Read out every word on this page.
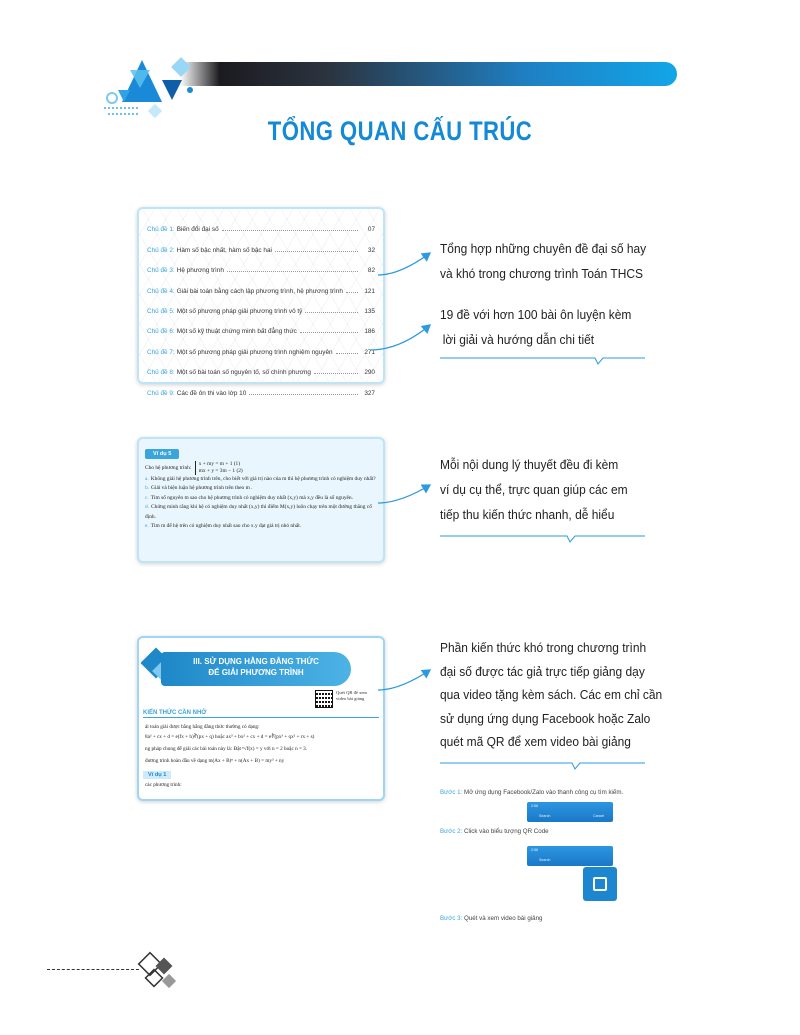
TỔNG QUAN CẤU TRÚC
Chủ đề 1: Biến đổi đại số	07
Chủ đề 2: Hàm số bậc nhất, hàm số bậc hai	32
Chủ đề 3: Hệ phương trình	82
Chủ đề 4: Giải bài toán bằng cách lập phương trình, hệ phương trình	121
Chủ đề 5: Một số phương pháp giải phương trình vô tỷ	135
Chủ đề 6: Một số kỹ thuật chứng minh bất đẳng thức	186
Chủ đề 7: Một số phương pháp giải phương trình nghiệm nguyên	271
Chủ đề 8: Một số bài toán số nguyên tố, số chính phương	290
Chủ đề 9: Các đề ôn thi vào lớp 10	327
Ví dụ 5
Cho hệ phương trình: x + my = m + 1 (1)
mx + y = 3m − 1 (2)
a. Không giải hệ phương trình trên, cho biết với giá trị nào của m thì hệ phương trình có nghiệm duy nhất?
b. Giải và biện luận hệ phương trình trên theo m .
c. Tìm số nguyên m sao cho hệ phương trình có nghiệm duy nhất (x,y) mà x,y đều là số nguyên.
d. Chứng minh rằng khi hệ có nghiệm duy nhất (x,y) thì điểm M(x,y) luôn chạy trên một đường thẳng cố định.
e. Tìm m để hệ trên có nghiệm duy nhất sao cho x.y đạt giá trị nhỏ nhất.
III. SỬ DỤNG HẰNG ĐẲNG THỨC
ĐỂ GIẢI PHƯƠNG TRÌNH
Quét QR để xem video bài giảng
KIẾN THỨC CẦN NHỚ
ải toán giải được bằng hằng đẳng thức thường có dạng:
8a³ + cx + d = e(fx + h)∛(px + q) hoặc ax³ + bx² + cx + d = e∛(px³ + qx² + rx + s)
ng pháp chung để giải các bài toán này là: Đặt ⁿ√f(x) = y với n = 2 hoặc n = 3.
đương trình hoàn đầu về dạng m(Ax + B)ⁿ + n(Ax + B) = my³ + ny
Ví dụ 1
các phương trình:
Tổng hợp những chuyên đề đại số hay
và khó trong chương trình Toán THCS
19 đề với hơn 100 bài ôn luyện kèm
lời giải và hướng dẫn chi tiết
Mỗi nội dung lý thuyết đều đi kèm
ví dụ cụ thể, trực quan giúp các em
tiếp thu kiến thức nhanh, dễ hiểu
Phần kiến thức khó trong chương trình
đại số được tác giả trực tiếp giảng dạy
qua video tặng kèm sách. Các em chỉ cần
sử dụng ứng dụng Facebook hoặc Zalo
quét mã QR để xem video bài giảng
Bước 1: Mở ứng dụng Facebook/Zalo vào thanh công cụ tìm kiếm.
2:56
Search	Cancel
Bước 2: Click vào biểu tượng QR Code
2:56
Search
Bước 3: Quét và xem video bài giảng
